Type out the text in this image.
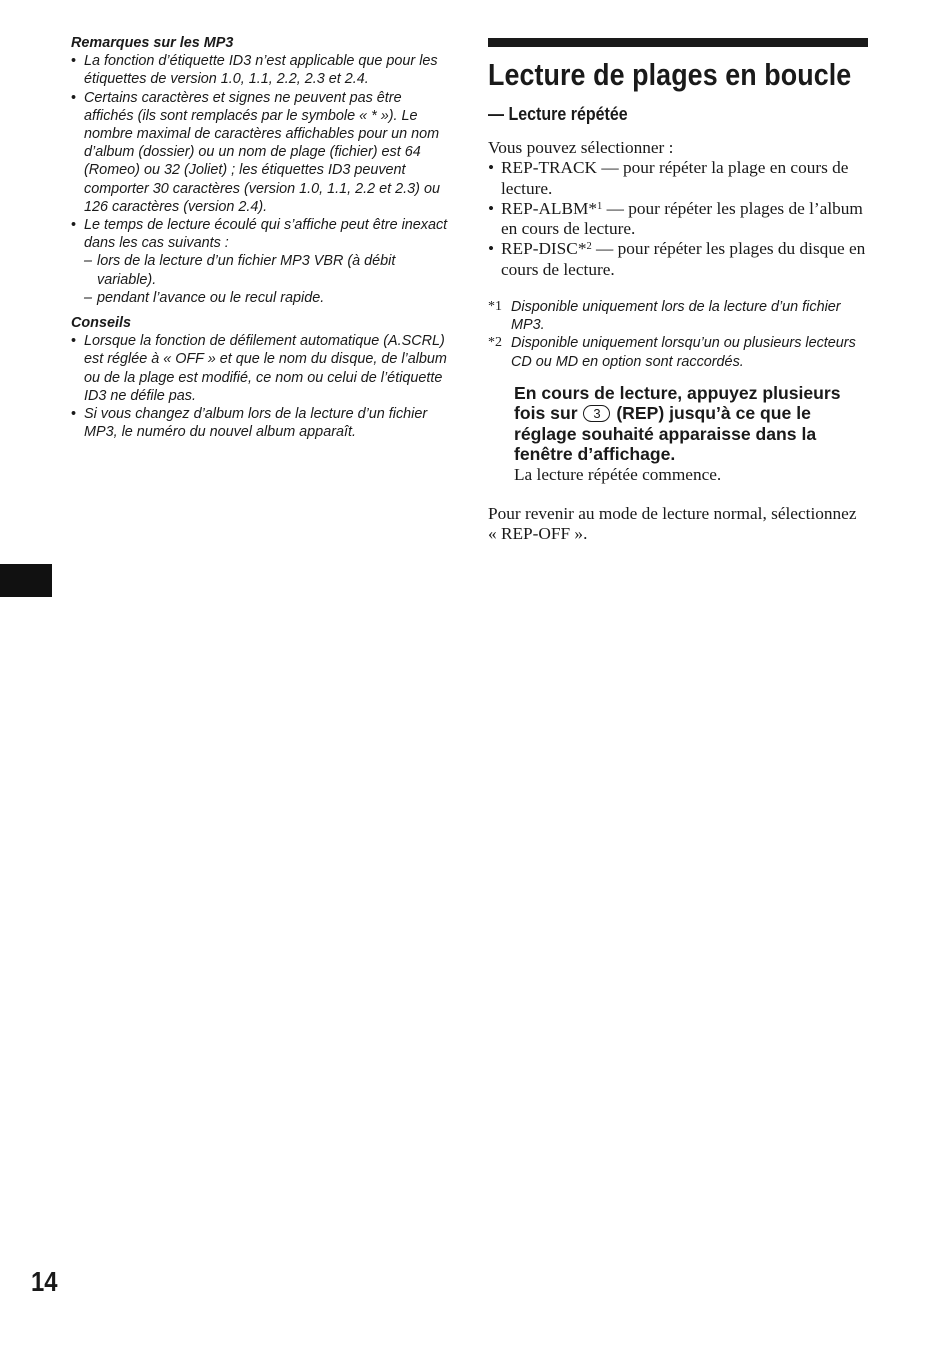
Remarques sur les MP3

• La fonction d’étiquette ID3 n’est applicable que pour les étiquettes de version 1.0, 1.1, 2.2, 2.3 et 2.4.
• Certains caractères et signes ne peuvent pas être affichés (ils sont remplacés par le symbole « * »). Le nombre maximal de caractères affichables pour un nom d’album (dossier) ou un nom de plage (fichier) est 64 (Romeo) ou 32 (Joliet) ; les étiquettes ID3 peuvent comporter 30 caractères (version 1.0, 1.1, 2.2 et 2.3) ou 126 caractères (version 2.4).
• Le temps de lecture écoulé qui s’affiche peut être inexact dans les cas suivants :
– lors de la lecture d’un fichier MP3 VBR (à débit variable).
– pendant l’avance ou le recul rapide.

Conseils

• Lorsque la fonction de défilement automatique (A.SCRL) est réglée à « OFF » et que le nom du disque, de l’album ou de la plage est modifié, ce nom ou celui de l’étiquette ID3 ne défile pas.
• Si vous changez d’album lors de la lecture d’un fichier MP3, le numéro du nouvel album apparaît.
Lecture de plages en boucle
— Lecture répétée

Vous pouvez sélectionner :

• REP-TRACK — pour répéter la plage en cours de lecture.
• REP-ALBM*$^1$ — pour répéter les plages de l’album en cours de lecture.
• REP-DISC*$^2$ — pour répéter les plages du disque en cours de lecture.
*1 Disponible uniquement lors de la lecture d’un fichier MP3.
*2 Disponible uniquement lorsqu’un ou plusieurs lecteurs CD ou MD en option sont raccordés.

En cours de lecture, appuyez plusieurs fois sur 3 (REP) jusqu’à ce que le réglage souhaité apparaisse dans la fenêtre d’affichage.

La lecture répétée commence.

Pour revenir au mode de lecture normal, sélectionnez « REP-OFF ».

14
